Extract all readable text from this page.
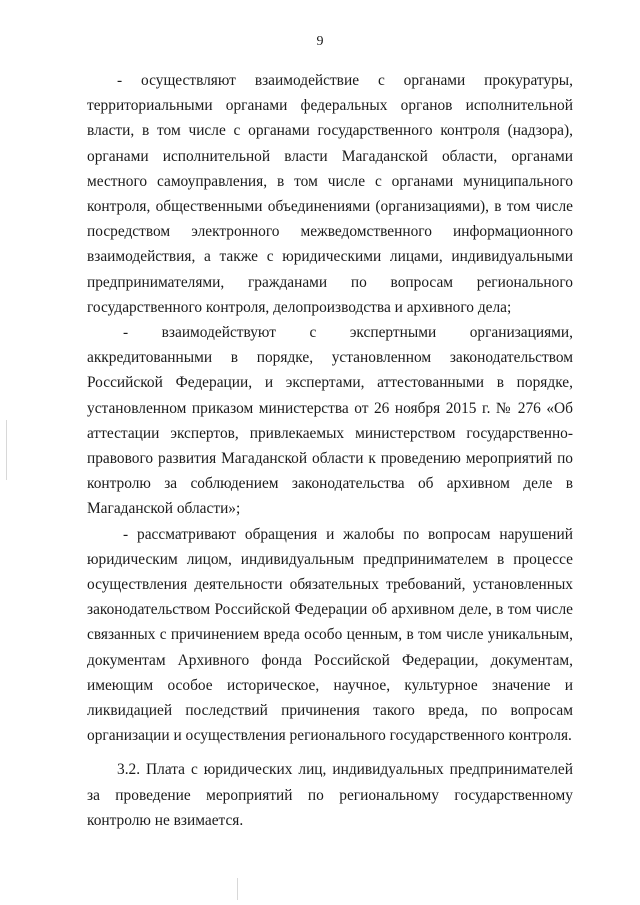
9

- осуществляют взаимодействие с органами прокуратуры, территориальными органами федеральных органов исполнительной власти, в том числе с органами государственного контроля (надзора), органами исполнительной власти Магаданской области, органами местного самоуправления, в том числе с органами муниципального контроля, общественными объединениями (организациями), в том числе посредством электронного межведомственного информационного взаимодействия, а также с юридическими лицами, индивидуальными предпринимателями, гражданами по вопросам регионального государственного контроля, делопроизводства и архивного дела;

- взаимодействуют с экспертными организациями, аккредитованными в порядке, установленном законодательством Российской Федерации, и экспертами, аттестованными в порядке, установленном приказом министерства от 26 ноября 2015 г. № 276 «Об аттестации экспертов, привлекаемых министерством государственно-правового развития Магаданской области к проведению мероприятий по контролю за соблюдением законодательства об архивном деле в Магаданской области»;

- рассматривают обращения и жалобы по вопросам нарушений юридическим лицом, индивидуальным предпринимателем в процессе осуществления деятельности обязательных требований, установленных законодательством Российской Федерации об архивном деле, в том числе связанных с причинением вреда особо ценным, в том числе уникальным, документам Архивного фонда Российской Федерации, документам, имеющим особое историческое, научное, культурное значение и ликвидацией последствий причинения такого вреда, по вопросам организации и осуществления регионального государственного контроля.

3.2. Плата с юридических лиц, индивидуальных предпринимателей за проведение мероприятий по региональному государственному контролю не взимается.
